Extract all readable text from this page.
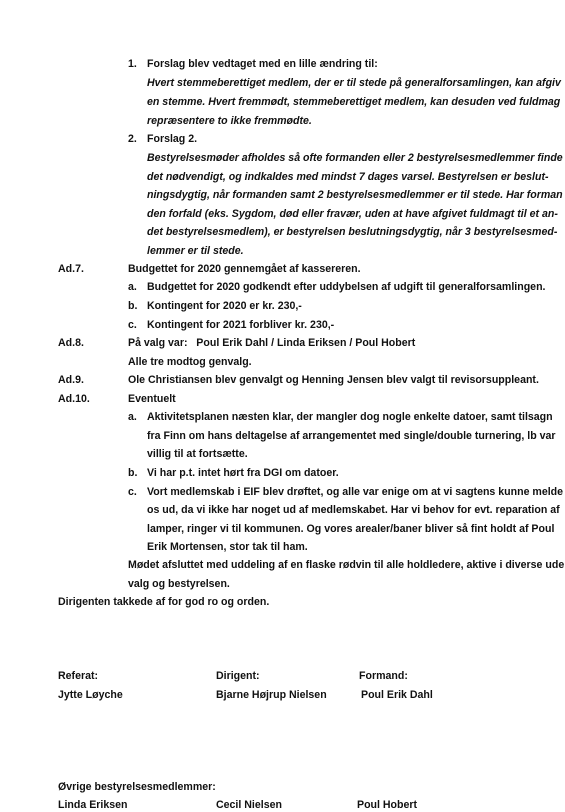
1. Forslag blev vedtaget med en lille ændring til:
Hvert stemmeberettiget medlem, der er til stede på generalforsamlingen, kan afgiv
en stemme. Hvert fremmødt, stemmeberettiget medlem, kan desuden ved fuldmag
repræsentere to ikke fremmødte.
2. Forslag 2.
Bestyrelsesmøder afholdes så ofte formanden eller 2 bestyrelsesmedlemmer finde
det nødvendigt, og indkaldes med mindst 7 dages varsel. Bestyrelsen er beslut-
ningsdygtig, når formanden samt 2 bestyrelsesmedlemmer er til stede. Har forman
den forfald (eks. Sygdom, død eller fravær, uden at have afgivet fuldmagt til et an-
det bestyrelsesmedlem), er bestyrelsen beslutningsdygtig, når 3 bestyrelsesmed-
lemmer er til stede.
Ad.7.	Budgettet for 2020 gennemgået af kassereren.
a. Budgettet for 2020 godkendt efter uddybelsen af udgift til generalforsamlingen.
b. Kontingent for 2020 er kr. 230,-
c. Kontingent for 2021 forbliver kr. 230,-
Ad.8.	På valg var:   Poul Erik Dahl / Linda Eriksen / Poul Hobert
Alle tre modtog genvalg.
Ad.9.	Ole Christiansen blev genvalgt og Henning Jensen blev valgt til revisorsuppleant.
Ad.10.	Eventuelt
a. Aktivitetsplanen næsten klar, der mangler dog nogle enkelte datoer, samt tilsagn
fra Finn om hans deltagelse af arrangementet med single/double turnering, lb var
villig til at fortsætte.
b. Vi har p.t. intet hørt fra DGI om datoer.
c. Vort medlemskab i EIF blev drøftet, og alle var enige om at vi sagtens kunne melde
os ud, da vi ikke har noget ud af medlemskabet. Har vi behov for evt. reparation af
lamper, ringer vi til kommunen. Og vores arealer/baner bliver så fint holdt af Poul
Erik Mortensen, stor tak til ham.
Mødet afsluttet med uddeling af en flaske rødvin til alle holdledere, aktive i diverse ude
valg og bestyrelsen.
Dirigenten takkede af for god ro og orden.
Referat:
Jytte Løyche
Dirigent:
Bjarne Højrup Nielsen
Formand:
Poul Erik Dahl
Øvrige bestyrelsesmedlemmer:
Linda Eriksen	Cecil Nielsen	Poul Hobert
